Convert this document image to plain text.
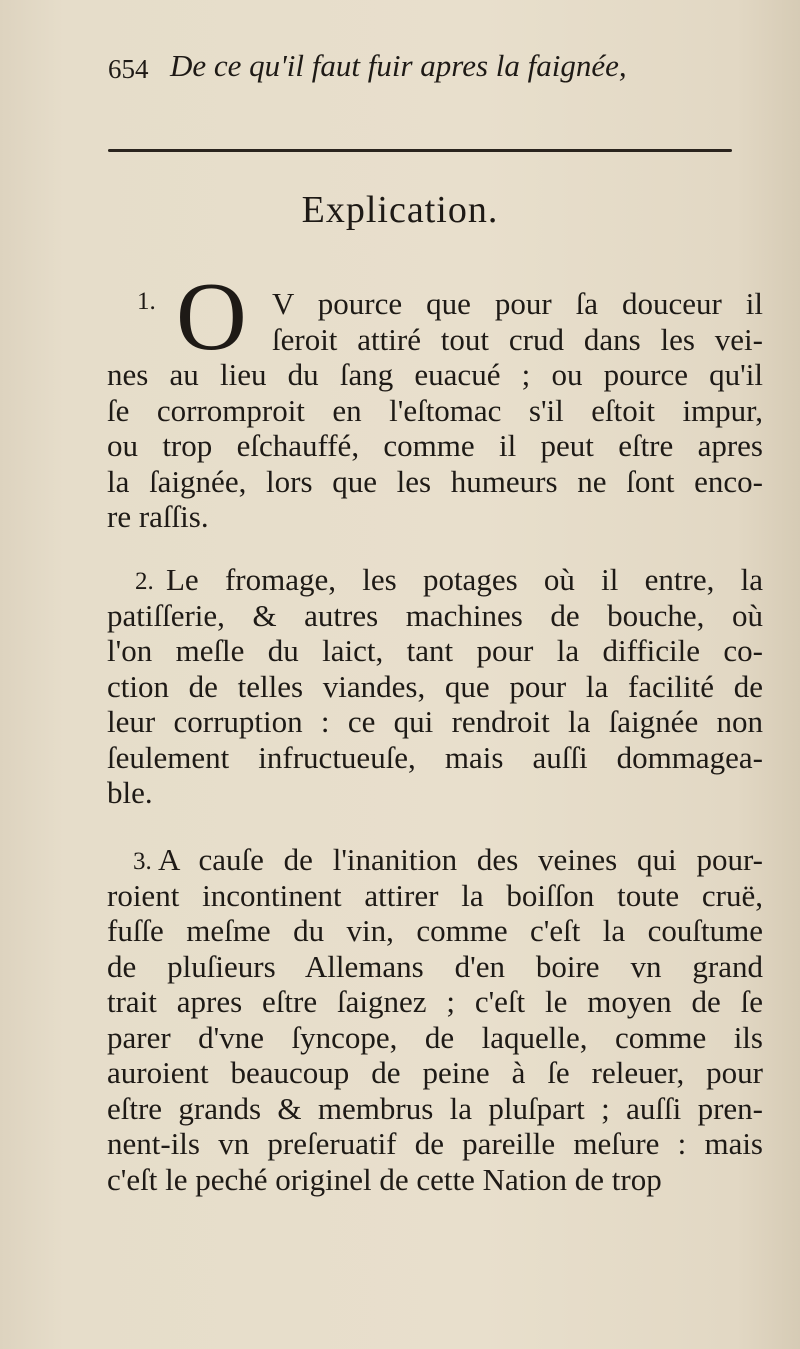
654 De ce qu'il faut fuir apres la faignée,
Explication.
O
1.	V pource que pour ſa douceur il
ſeroit attiré tout crud dans les vei-
nes au lieu du ſang euacué ; ou pource qu'il
ſe corromproit en l'eſtomac s'il eſtoit impur,
ou trop eſchauffé, comme il peut eſtre apres
la ſaignée, lors que les humeurs ne ſont enco-
re raſſis.
2. Le fromage, les potages où il entre, la
patiſſerie, & autres machines de bouche, où
l'on meſle du laict, tant pour la difficile co-
ction de telles viandes, que pour la facilité de
leur corruption : ce qui rendroit la ſaignée non
ſeulement infructueuſe, mais auſſi dommagea-
ble.
3. A cauſe de l'inanition des veines qui pour-
roient incontinent attirer la boiſſon toute cruë,
fuſſe meſme du vin, comme c'eſt la couſtume
de pluſieurs Allemans d'en boire vn grand
trait apres eſtre ſaignez ; c'eſt le moyen de ſe
parer d'vne ſyncope, de laquelle, comme ils
auroient beaucoup de peine à ſe releuer, pour
eſtre grands & membrus la pluſpart ; auſſi pren-
nent-ils vn preſeruatif de pareille meſure : mais
c'eſt le peché originel de cette Nation de trop
